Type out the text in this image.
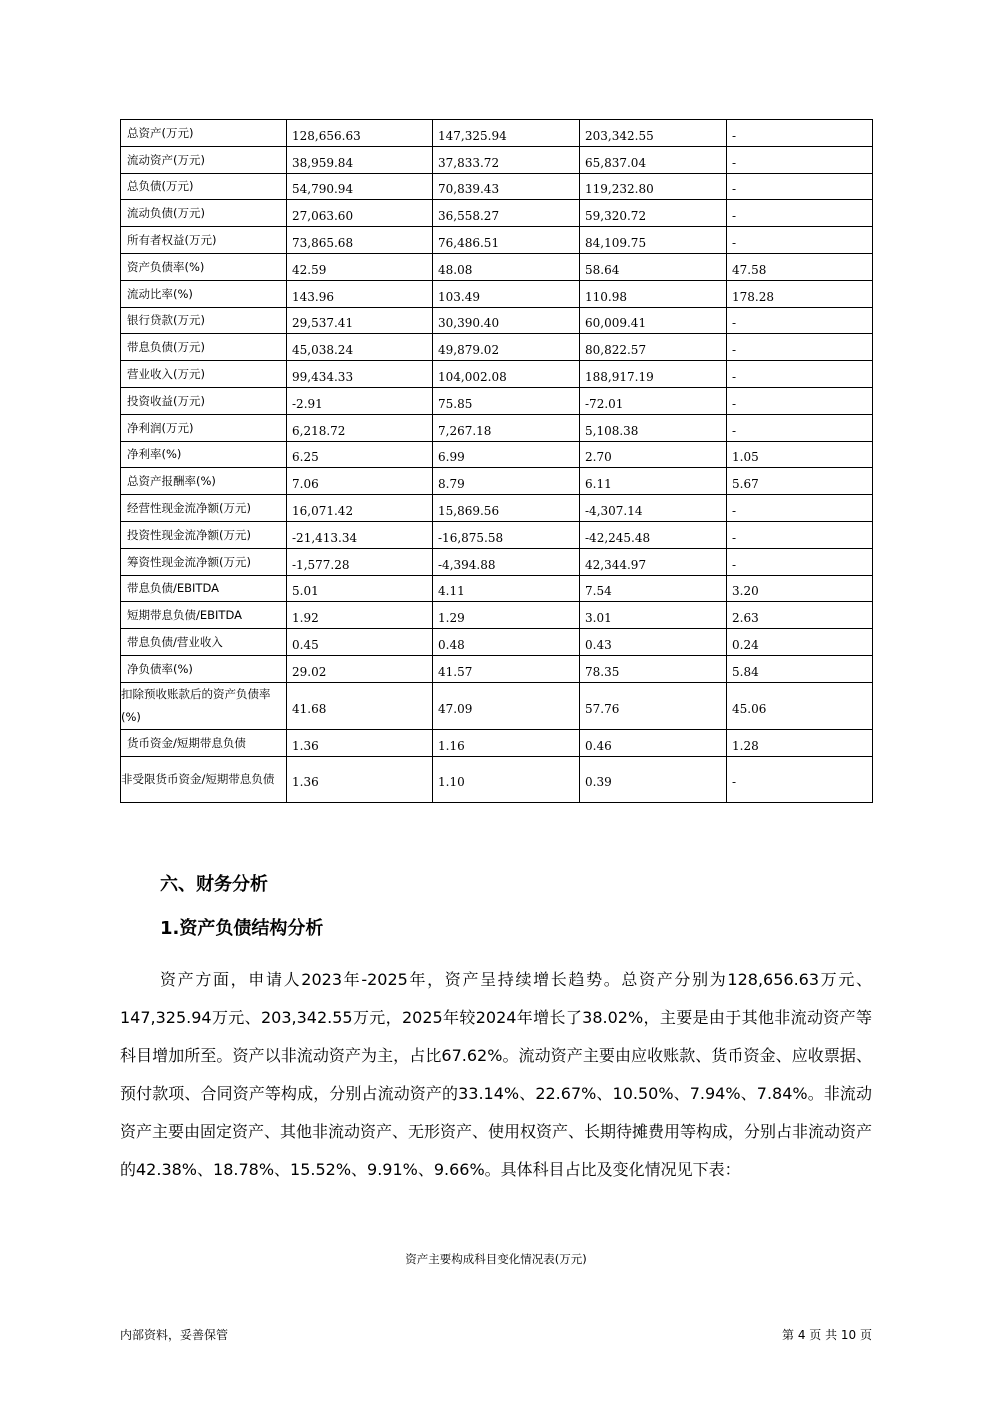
总资产(万元)	128,656.63	147,325.94	203,342.55	-
流动资产(万元)	38,959.84	37,833.72	65,837.04	-
总负债(万元)	54,790.94	70,839.43	119,232.80	-
流动负债(万元)	27,063.60	36,558.27	59,320.72	-
所有者权益(万元)	73,865.68	76,486.51	84,109.75	-
资产负债率(%)	42.59	48.08	58.64	47.58
流动比率(%)	143.96	103.49	110.98	178.28
银行贷款(万元)	29,537.41	30,390.40	60,009.41	-
带息负债(万元)	45,038.24	49,879.02	80,822.57	-
营业收入(万元)	99,434.33	104,002.08	188,917.19	-
投资收益(万元)	-2.91	75.85	-72.01	-
净利润(万元)	6,218.72	7,267.18	5,108.38	-
净利率(%)	6.25	6.99	2.70	1.05
总资产报酬率(%)	7.06	8.79	6.11	5.67
经营性现金流净额(万元)	16,071.42	15,869.56	-4,307.14	-
投资性现金流净额(万元)	-21,413.34	-16,875.58	-42,245.48	-
筹资性现金流净额(万元)	-1,577.28	-4,394.88	42,344.97	-
带息负债/EBITDA	5.01	4.11	7.54	3.20
短期带息负债/EBITDA	1.92	1.29	3.01	2.63
带息负债/营业收入	0.45	0.48	0.43	0.24
净负债率(%)	29.02	41.57	78.35	5.84
扣除预收账款后的资产负债率(%)	41.68	47.09	57.76	45.06
货币资金/短期带息负债	1.36	1.16	0.46	1.28
非受限货币资金/短期带息负债	1.36	1.10	0.39	-
六、财务分析
1.资产负债结构分析

资产方面，申请人2023年-2025年，资产呈持续增长趋势。总资产分别为128,656.63万元、147,325.94万元、203,342.55万元，2025年较2024年增长了38.02%，主要是由于其他非流动资产等科目增加所至。资产以非流动资产为主，占比67.62%。流动资产主要由应收账款、货币资金、应收票据、预付款项、合同资产等构成，分别占流动资产的33.14%、22.67%、10.50%、7.94%、7.84%。非流动资产主要由固定资产、其他非流动资产、无形资产、使用权资产、长期待摊费用等构成，分别占非流动资产的42.38%、18.78%、15.52%、9.91%、9.66%。具体科目占比及变化情况见下表：

资产主要构成科目变化情况表(万元)
内部资料，妥善保管	第 4 页 共 10 页
